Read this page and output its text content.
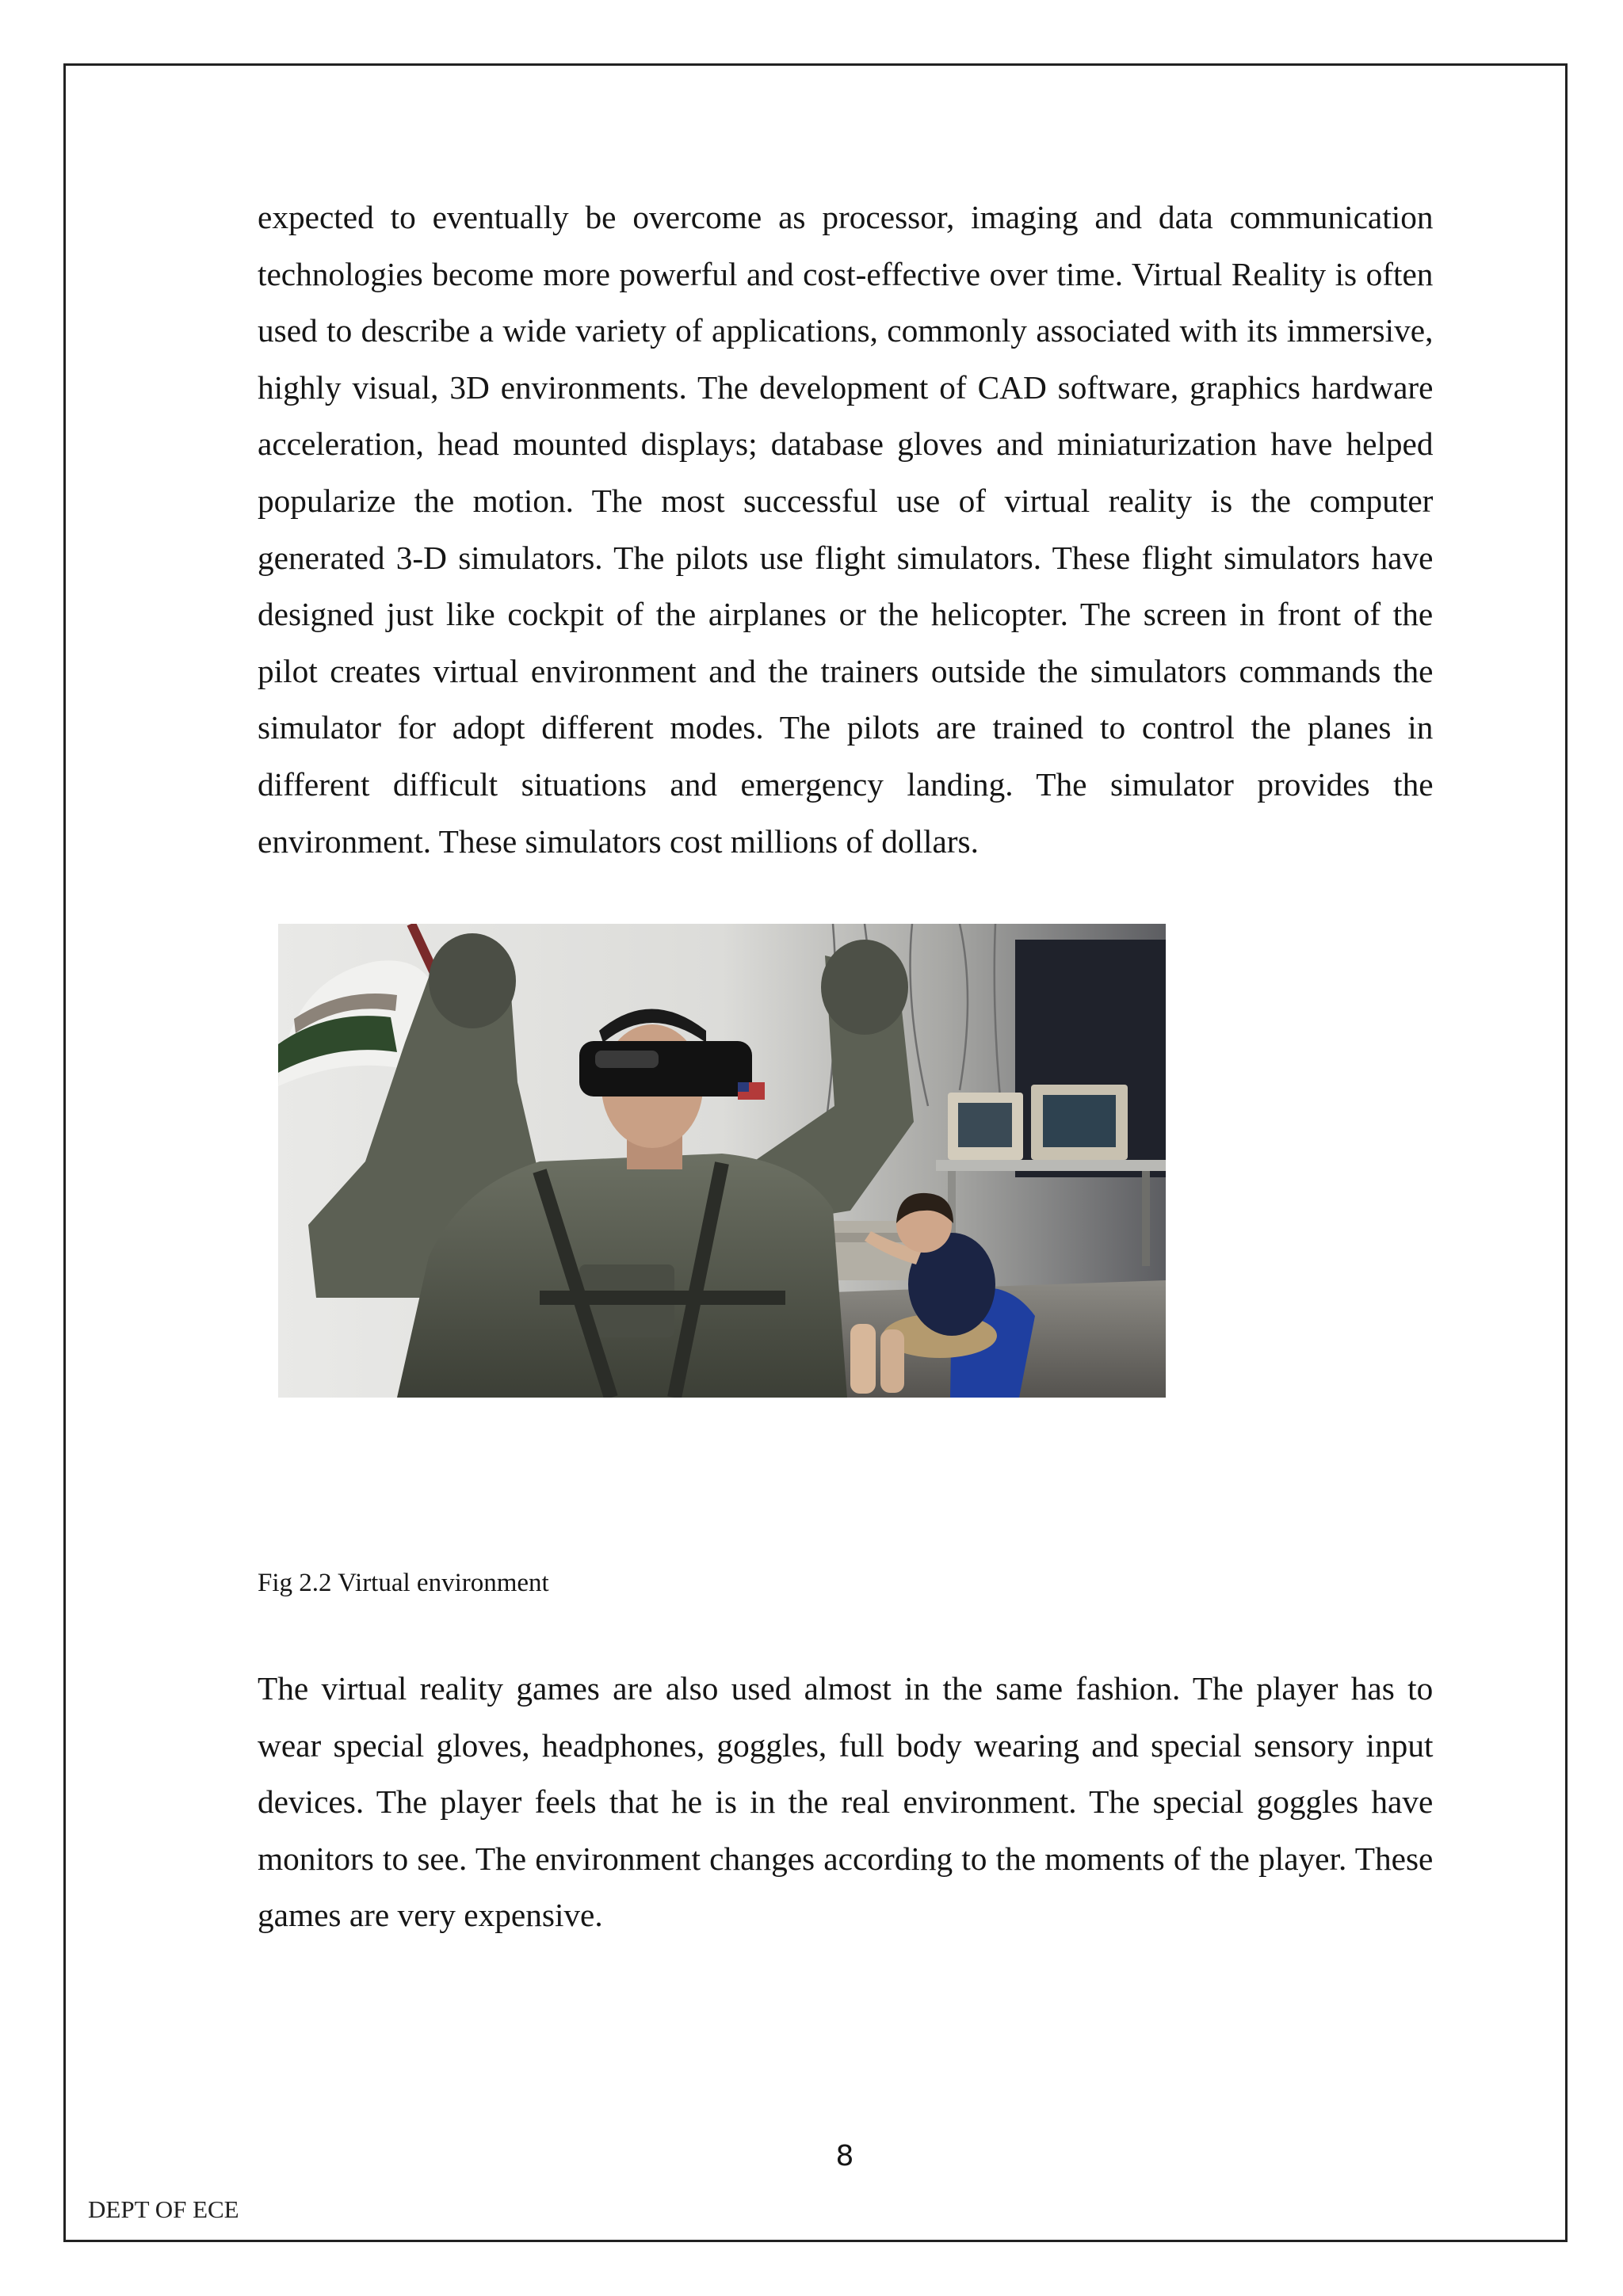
expected to eventually be overcome as processor, imaging and data communication
technologies become more powerful and cost-effective over time. Virtual Reality is often
used to describe a wide variety of applications, commonly associated with its immersive,
highly visual, 3D environments. The development of CAD software, graphics hardware
acceleration, head mounted displays; database gloves and miniaturization have helped
popularize the motion. The most successful use of virtual reality is the computer
generated 3-D simulators. The pilots use flight simulators. These flight simulators have
designed just like cockpit of the airplanes or the helicopter. The screen in front of the
pilot creates virtual environment and the trainers outside the simulators commands the
simulator for adopt different modes. The pilots are trained to control the planes in
different difficult situations and emergency landing. The simulator provides the
environment. These simulators cost millions of dollars.
Fig 2.2 Virtual environment
The virtual reality games are also used almost in the same fashion. The player has to
wear special gloves, headphones, goggles, full body wearing and special sensory input
devices. The player feels that he is in the real environment. The special goggles have
monitors to see. The environment changes according to the moments of the player. These
games are very expensive.
8
DEPT OF ECE
